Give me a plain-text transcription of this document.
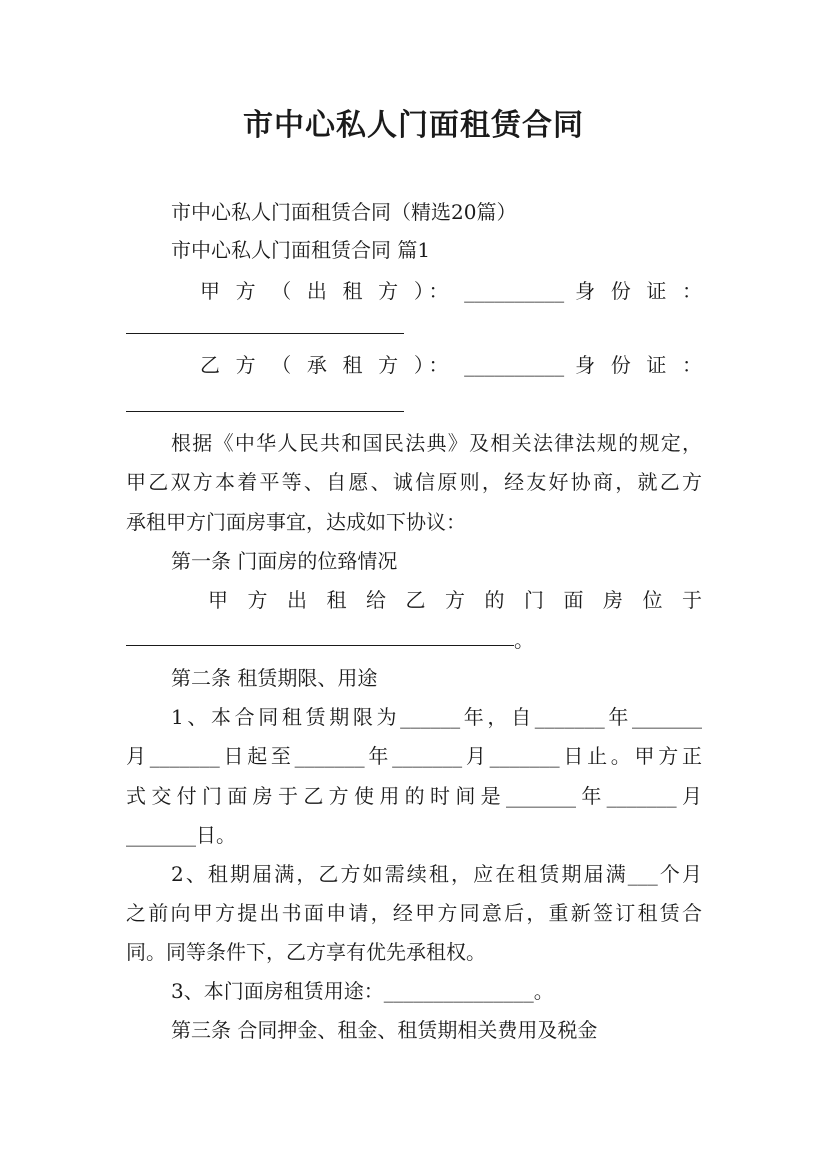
市中心私人门面租赁合同
市中心私人门面租赁合同（精选20篇）
市中心私人门面租赁合同 篇1
甲 方 （ 出 租 方 ）： __________ 身 份 证 ：
乙 方 （ 承 租 方 ）： __________ 身 份 证 ：
根据《中华人民共和国民法典》及相关法律法规的规定，
甲乙双方本着平等、自愿、诚信原则，经友好协商，就乙方
承租甲方门面房事宜，达成如下协议：
第一条 门面房的位臵情况
甲 方 出 租 给 乙 方 的 门 面 房 位 于
。
第二条 租赁期限、用途
1、本合同租赁期限为______年，自_______年_______
月_______日起至_______年_______月_______日止。甲方正
式交付门面房于乙方使用的时间是_______年_______月
_______日。
2、租期届满，乙方如需续租，应在租赁期届满___个月
之前向甲方提出书面申请，经甲方同意后，重新签订租赁合
同。同等条件下，乙方享有优先承租权。
3、本门面房租赁用途：_______________。
第三条 合同押金、租金、租赁期相关费用及税金
